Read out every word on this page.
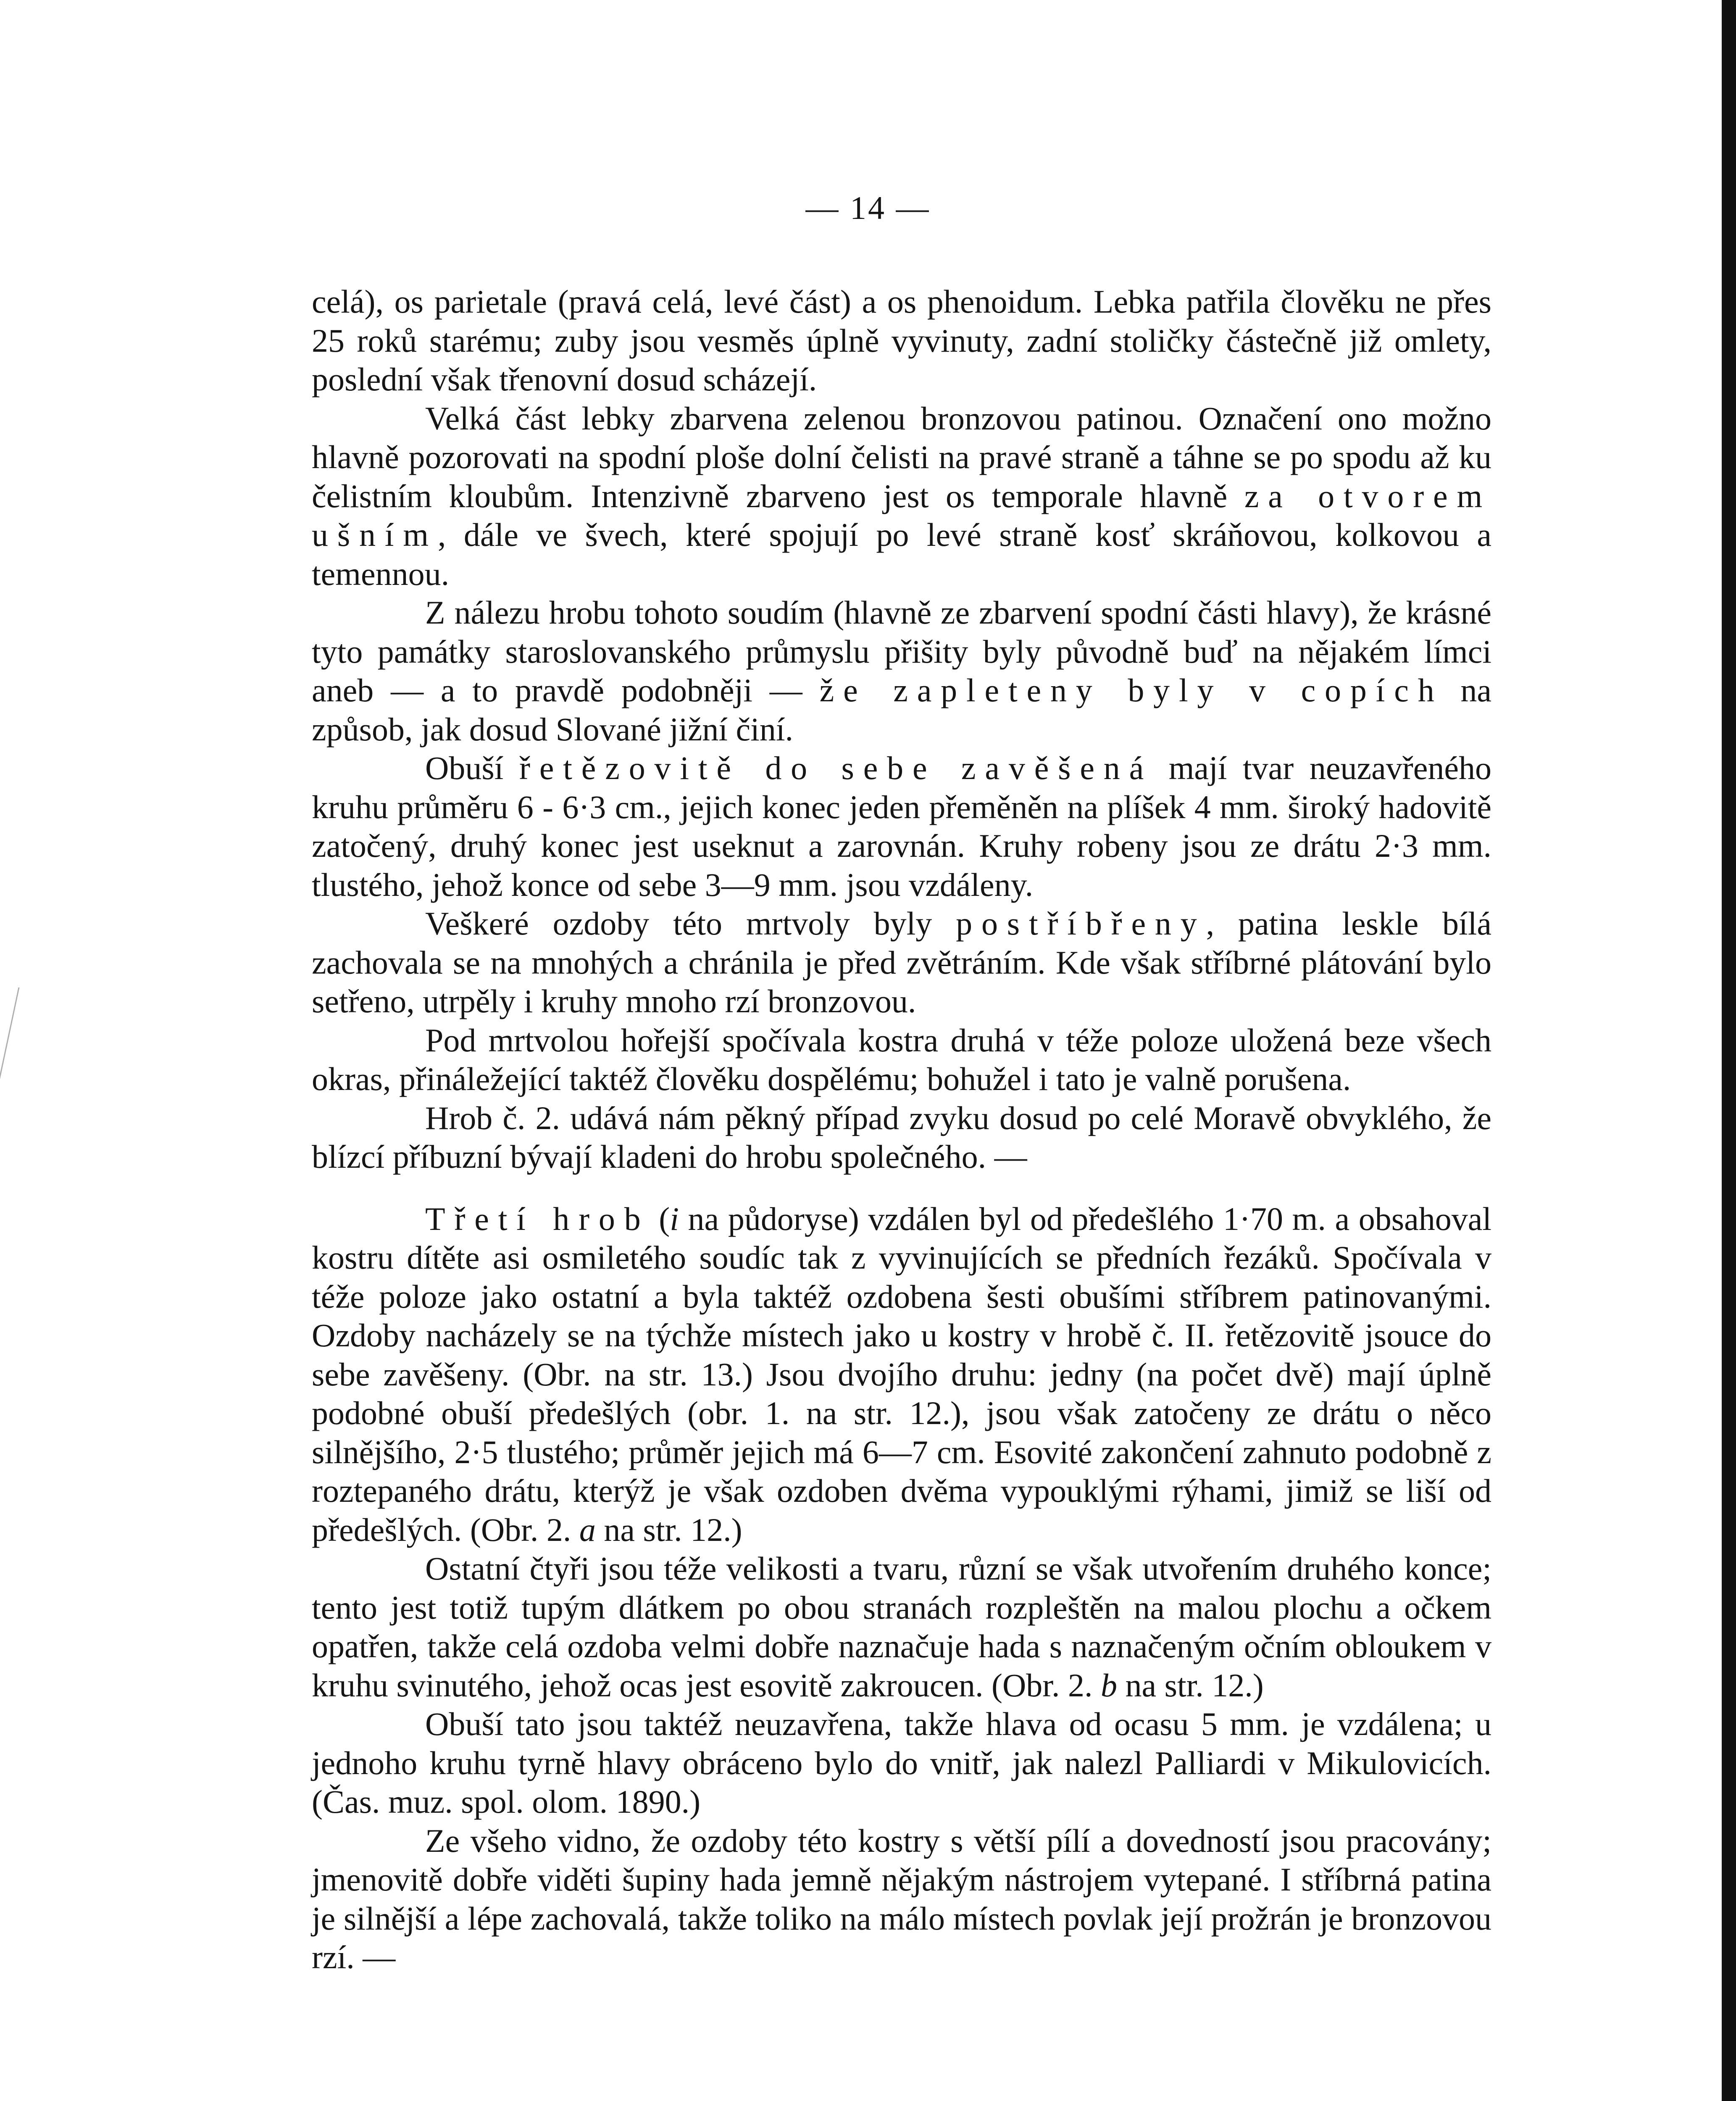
— 14 —

celá), os parietale (pravá celá, levé část) a os phenoidum. Lebka patřila člověku ne přes 25 roků starému; zuby jsou vesměs úplně vyvinuty, zadní stoličky částečně již omlety, poslední však třenovní dosud scházejí.

Velká část lebky zbarvena zelenou bronzovou patinou. Označení ono možno hlavně pozorovati na spodní ploše dolní čelisti na pravé straně a táhne se po spodu až ku čelistním kloubům. Intenzivně zbarveno jest os temporale hlavně za otvorem ušním, dále ve švech, které spojují po levé straně kosť skráňovou, kolkovou a temennou.

Z nálezu hrobu tohoto soudím (hlavně ze zbarvení spodní části hlavy), že krásné tyto památky staroslovanského průmyslu přišity byly původně buď na nějakém límci aneb — a to pravdě podobněji — že zapleteny byly v copích na způsob, jak dosud Slované jižní činí.

Obuší řetězovitě do sebe zavěšená mají tvar neuzavřeného kruhu průměru 6 - 6·3 cm., jejich konec jeden přeměněn na plíšek 4 mm. široký hadovitě zatočený, druhý konec jest useknut a zarovnán. Kruhy robeny jsou ze drátu 2·3 mm. tlustého, jehož konce od sebe 3—9 mm. jsou vzdáleny.

Veškeré ozdoby této mrtvoly byly postříbřeny, patina leskle bílá zachovala se na mnohých a chránila je před zvětráním. Kde však stříbrné plátování bylo setřeno, utrpěly i kruhy mnoho rzí bronzovou.

Pod mrtvolou hořejší spočívala kostra druhá v téže poloze uložená beze všech okras, přináležející taktéž člověku dospělému; bohužel i tato je valně porušena.

Hrob č. 2. udává nám pěkný případ zvyku dosud po celé Moravě obvyklého, že blízcí příbuzní bývají kladeni do hrobu společného. —

Třetí hrob (i na půdoryse) vzdálen byl od předešlého 1·70 m. a obsahoval kostru dítěte asi osmiletého soudíc tak z vyvinujících se předních řezáků. Spočívala v téže poloze jako ostatní a byla taktéž ozdobena šesti obušími stříbrem patinovanými. Ozdoby nacházely se na týchže místech jako u kostry v hrobě č. II. řetězovitě jsouce do sebe zavěšeny. (Obr. na str. 13.) Jsou dvojího druhu: jedny (na počet dvě) mají úplně podobné obuší předešlých (obr. 1. na str. 12.), jsou však zatočeny ze drátu o něco silnějšího, 2·5 tlustého; průměr jejich má 6—7 cm. Esovité zakončení zahnuto podobně z roztepaného drátu, kterýž je však ozdoben dvěma vypouklými rýhami, jimiž se liší od předešlých. (Obr. 2. a na str. 12.)

Ostatní čtyři jsou téže velikosti a tvaru, různí se však utvořením druhého konce; tento jest totiž tupým dlátkem po obou stranách rozpleštěn na malou plochu a očkem opatřen, takže celá ozdoba velmi dobře naznačuje hada s naznačeným očním obloukem v kruhu svinutého, jehož ocas jest esovitě zakroucen. (Obr. 2. b na str. 12.)

Obuší tato jsou taktéž neuzavřena, takže hlava od ocasu 5 mm. je vzdálena; u jednoho kruhu tyrně hlavy obráceno bylo do vnitř, jak nalezl Palliardi v Mikulovicích. (Čas. muz. spol. olom. 1890.)

Ze všeho vidno, že ozdoby této kostry s větší pílí a dovedností jsou pracovány; jmenovitě dobře viděti šupiny hada jemně nějakým nástrojem vytepané. I stříbrná patina je silnější a lépe zachovalá, takže toliko na málo místech povlak její prožrán je bronzovou rzí. —
